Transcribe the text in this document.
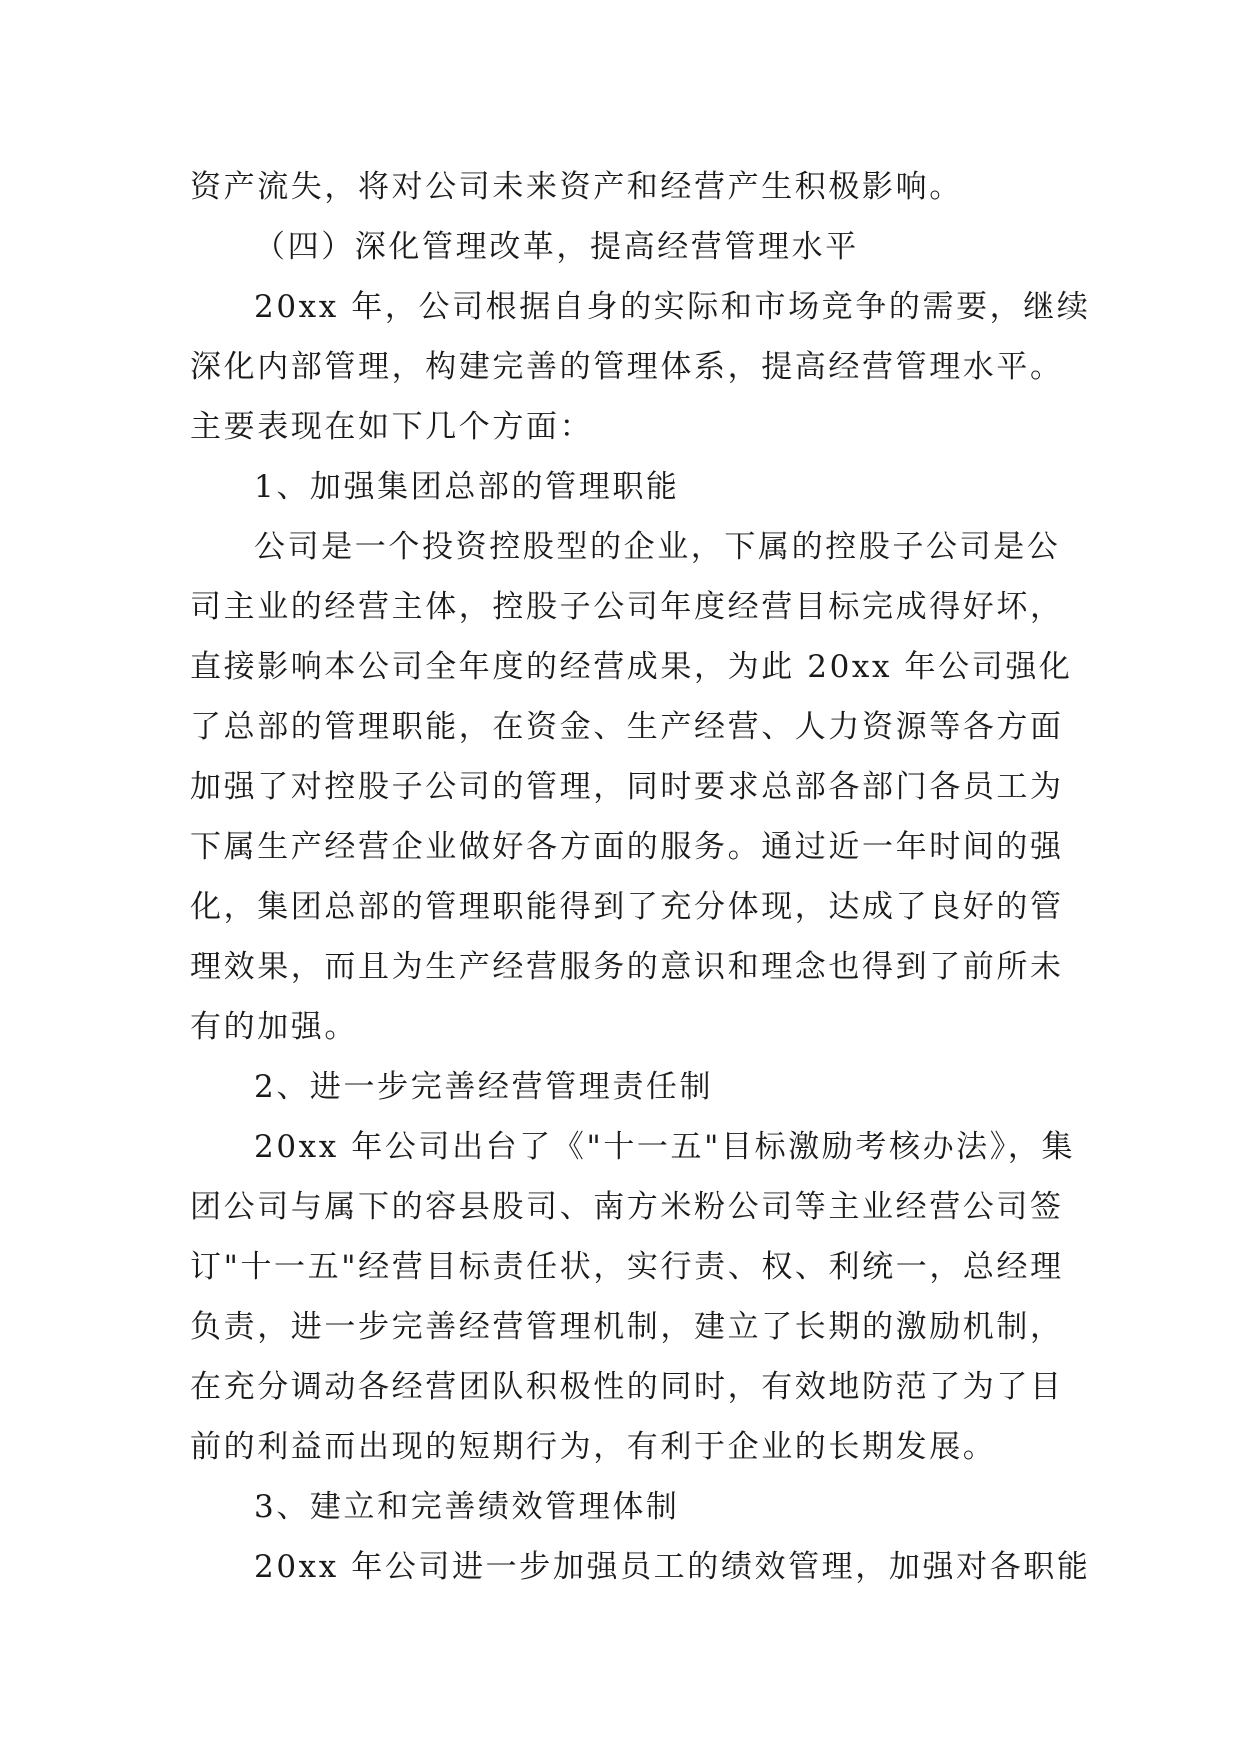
资产流失，将对公司未来资产和经营产生积极影响。
（四）深化管理改革，提高经营管理水平
20xx 年，公司根据自身的实际和市场竞争的需要，继续
深化内部管理，构建完善的管理体系，提高经营管理水平。
主要表现在如下几个方面：
1、加强集团总部的管理职能
公司是一个投资控股型的企业，下属的控股子公司是公
司主业的经营主体，控股子公司年度经营目标完成得好坏，
直接影响本公司全年度的经营成果，为此 20xx 年公司强化
了总部的管理职能，在资金、生产经营、人力资源等各方面
加强了对控股子公司的管理，同时要求总部各部门各员工为
下属生产经营企业做好各方面的服务。通过近一年时间的强
化，集团总部的管理职能得到了充分体现，达成了良好的管
理效果，而且为生产经营服务的意识和理念也得到了前所未
有的加强。
2、进一步完善经营管理责任制
20xx 年公司出台了《"十一五"目标激励考核办法》，集
团公司与属下的容县股司、南方米粉公司等主业经营公司签
订"十一五"经营目标责任状，实行责、权、利统一，总经理
负责，进一步完善经营管理机制，建立了长期的激励机制，
在充分调动各经营团队积极性的同时，有效地防范了为了目
前的利益而出现的短期行为，有利于企业的长期发展。
3、建立和完善绩效管理体制
20xx 年公司进一步加强员工的绩效管理，加强对各职能
